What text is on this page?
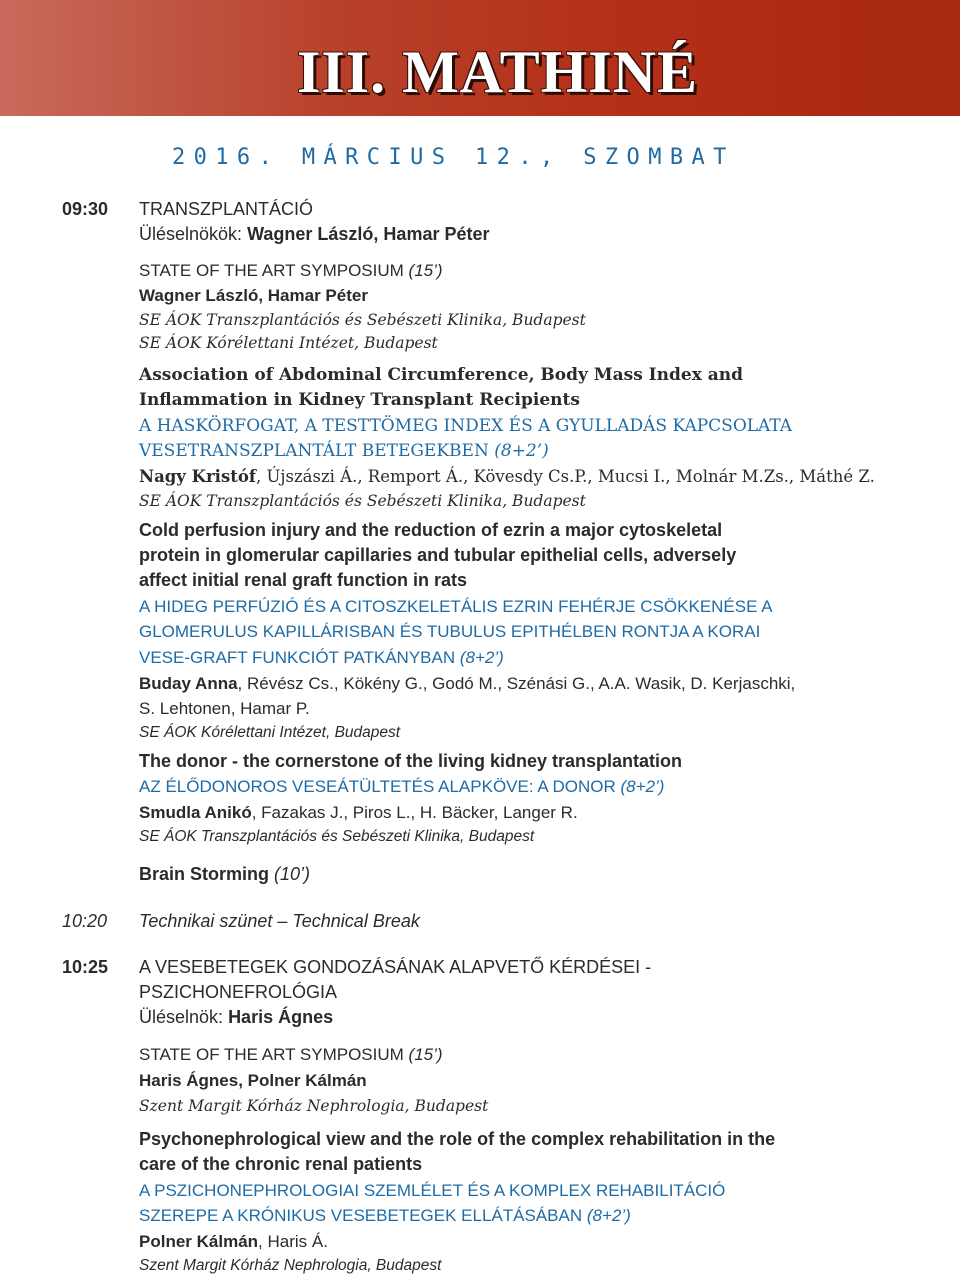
III. MATHINÉ
2016. MÁRCIUS 12., SZOMBAT
09:30 TRANSZPLANTÁCIÓ
Üléselnökök: Wagner László, Hamar Péter
STATE OF THE ART SYMPOSIUM (15’)
Wagner László, Hamar Péter
SE ÁOK Transzplantációs és Sebészeti Klinika, Budapest
SE ÁOK Kórélettani Intézet, Budapest
Association of Abdominal Circumference, Body Mass Index and
Inflammation in Kidney Transplant Recipients
A HASKÖRFOGAT, A TESTTÖMEG INDEX ÉS A GYULLADÁS KAPCSOLATA
VESETRANSZPLANTÁLT BETEGEKBEN (8+2’)
Nagy Kristóf, Újszászi Á., Remport Á., Kövesdy Cs.P., Mucsi I., Molnár M.Zs., Máthé Z.
SE ÁOK Transzplantációs és Sebészeti Klinika, Budapest
Cold perfusion injury and the reduction of ezrin a major cytoskeletal
protein in glomerular capillaries and tubular epithelial cells, adversely
affect initial renal graft function in rats
A HIDEG PERFÚZIÓ ÉS A CITOSZKELETÁLIS EZRIN FEHÉRJE CSÖKKENÉSE A
GLOMERULUS KAPILLÁRISBAN ÉS TUBULUS EPITHÉLBEN RONTJA A KORAI
VESE-GRAFT FUNKCIÓT PATKÁNYBAN (8+2’)
Buday Anna, Révész Cs., Kökény G., Godó M., Szénási G., A.A. Wasik, D. Kerjaschki,
S. Lehtonen, Hamar P.
SE ÁOK Kórélettani Intézet, Budapest
The donor - the cornerstone of the living kidney transplantation
AZ ÉLŐDONOROS VESEÁTÜLTETÉS ALAPKÖVE: A DONOR (8+2’)
Smudla Anikó, Fazakas J., Piros L., H. Bäcker, Langer R.
SE ÁOK Transzplantációs és Sebészeti Klinika, Budapest
Brain Storming (10’)
10:20 Technikai szünet – Technical Break
10:25 A VESEBETEGEK GONDOZÁSÁNAK ALAPVETŐ KÉRDÉSEI -
PSZICHONEFROLÓGIA
Üléselnök: Haris Ágnes
STATE OF THE ART SYMPOSIUM (15’)
Haris Ágnes, Polner Kálmán
Szent Margit Kórház Nephrologia, Budapest
Psychonephrological view and the role of the complex rehabilitation in the
care of the chronic renal patients
A PSZICHONEPHROLOGIAI SZEMLÉLET ÉS A KOMPLEX REHABILITÁCIÓ
SZEREPE A KRÓNIKUS VESEBETEGEK ELLÁTÁSÁBAN (8+2’)
Polner Kálmán, Haris Á.
Szent Margit Kórház Nephrologia, Budapest
